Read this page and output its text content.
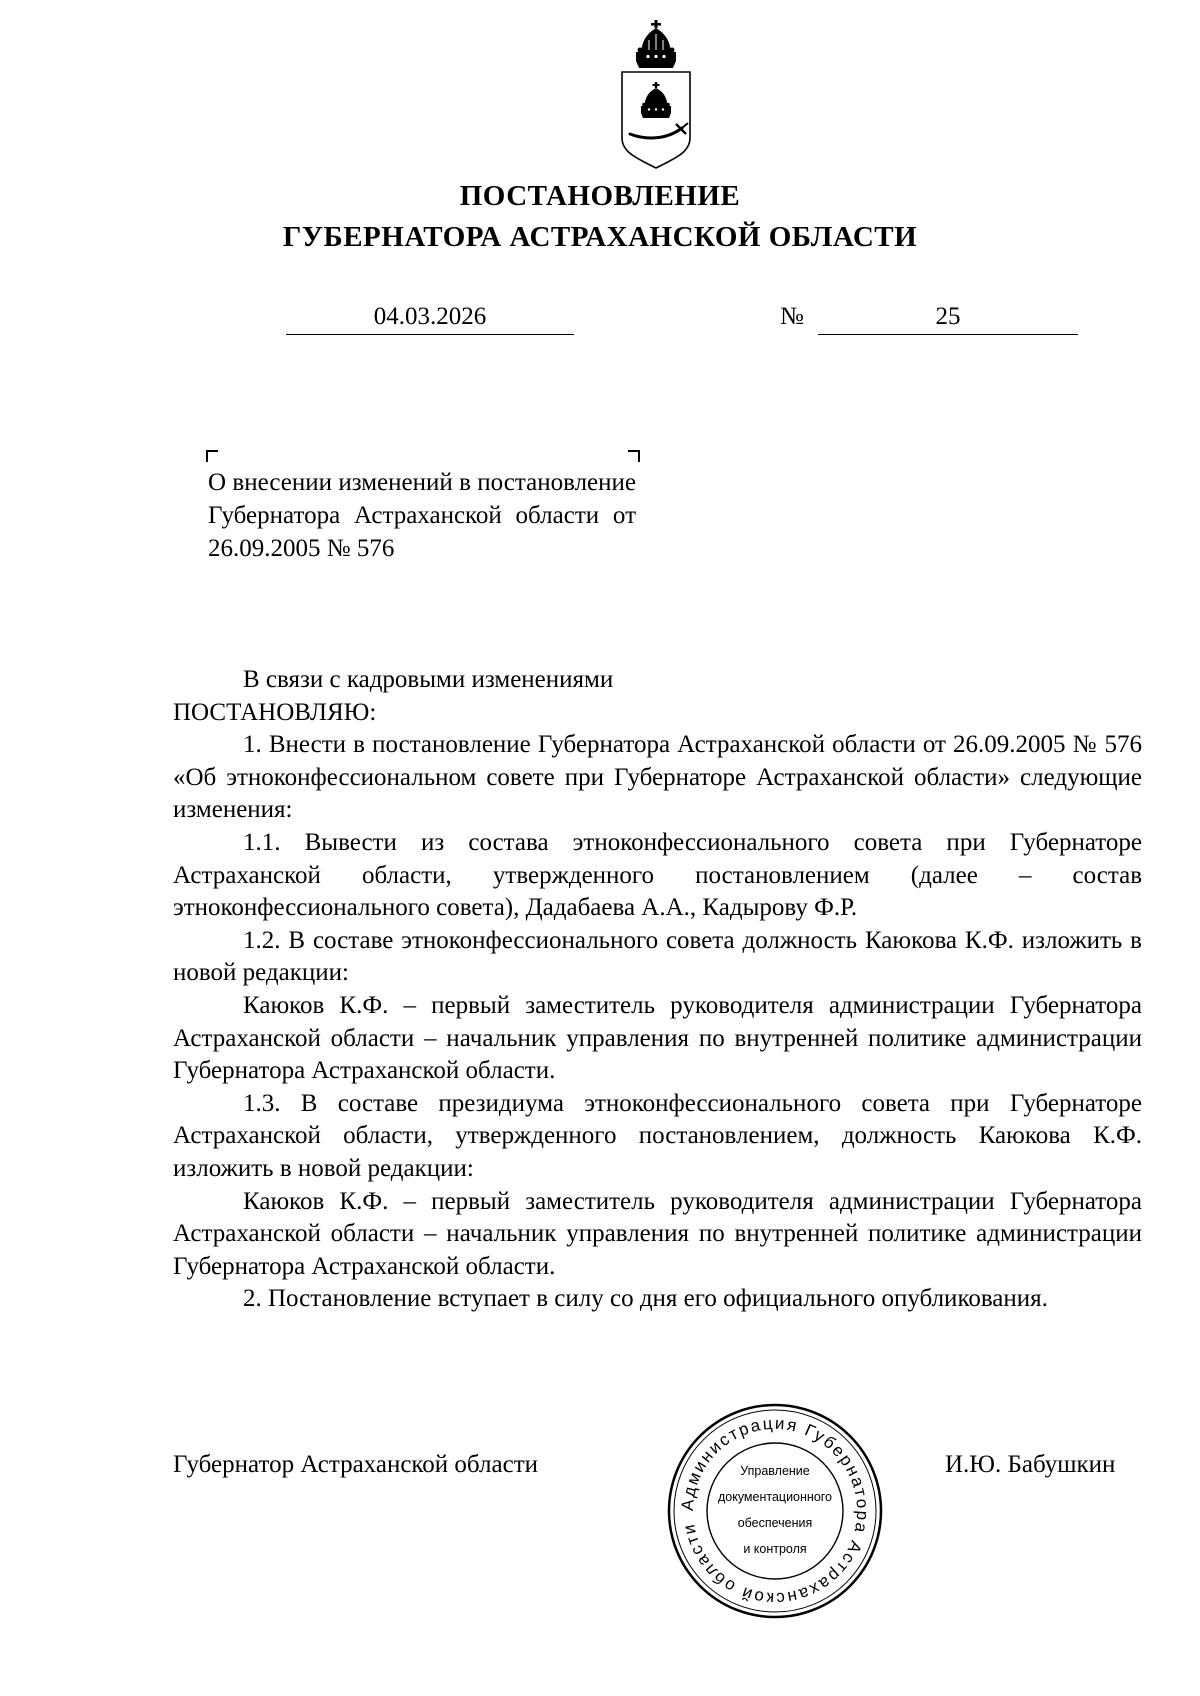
ПОСТАНОВЛЕНИЕ
ГУБЕРНАТОРА АСТРАХАНСКОЙ ОБЛАСТИ
04.03.2026	№	25
О внесении изменений в постановление Губернатора Астраханской области от 26.09.2005 № 576

В связи с кадровыми изменениями

ПОСТАНОВЛЯЮ:

1. Внести в постановление Губернатора Астраханской области от 26.09.2005 № 576 «Об этноконфессиональном совете при Губернаторе Астраханской области» следующие изменения:

1.1. Вывести из состава этноконфессионального совета при Губернаторе Астраханской области, утвержденного постановлением (далее – состав этноконфессионального совета), Дадабаева А.А., Кадырову Ф.Р.

1.2. В составе этноконфессионального совета должность Каюкова К.Ф. изложить в новой редакции:

Каюков К.Ф. – первый заместитель руководителя администрации Губернатора Астраханской области – начальник управления по внутренней политике администрации Губернатора Астраханской области.

1.3. В составе президиума этноконфессионального совета при Губернаторе Астраханской области, утвержденного постановлением, должность Каюкова К.Ф. изложить в новой редакции:

Каюков К.Ф. – первый заместитель руководителя администрации Губернатора Астраханской области – начальник управления по внутренней политике администрации Губернатора Астраханской области.

2. Постановление вступает в силу со дня его официального опубликования.

Губернатор Астраханской области	И.Ю. Бабушкин
Администрация Губернатора Астраханской области
Управление
документационного
обеспечения
и контроля
